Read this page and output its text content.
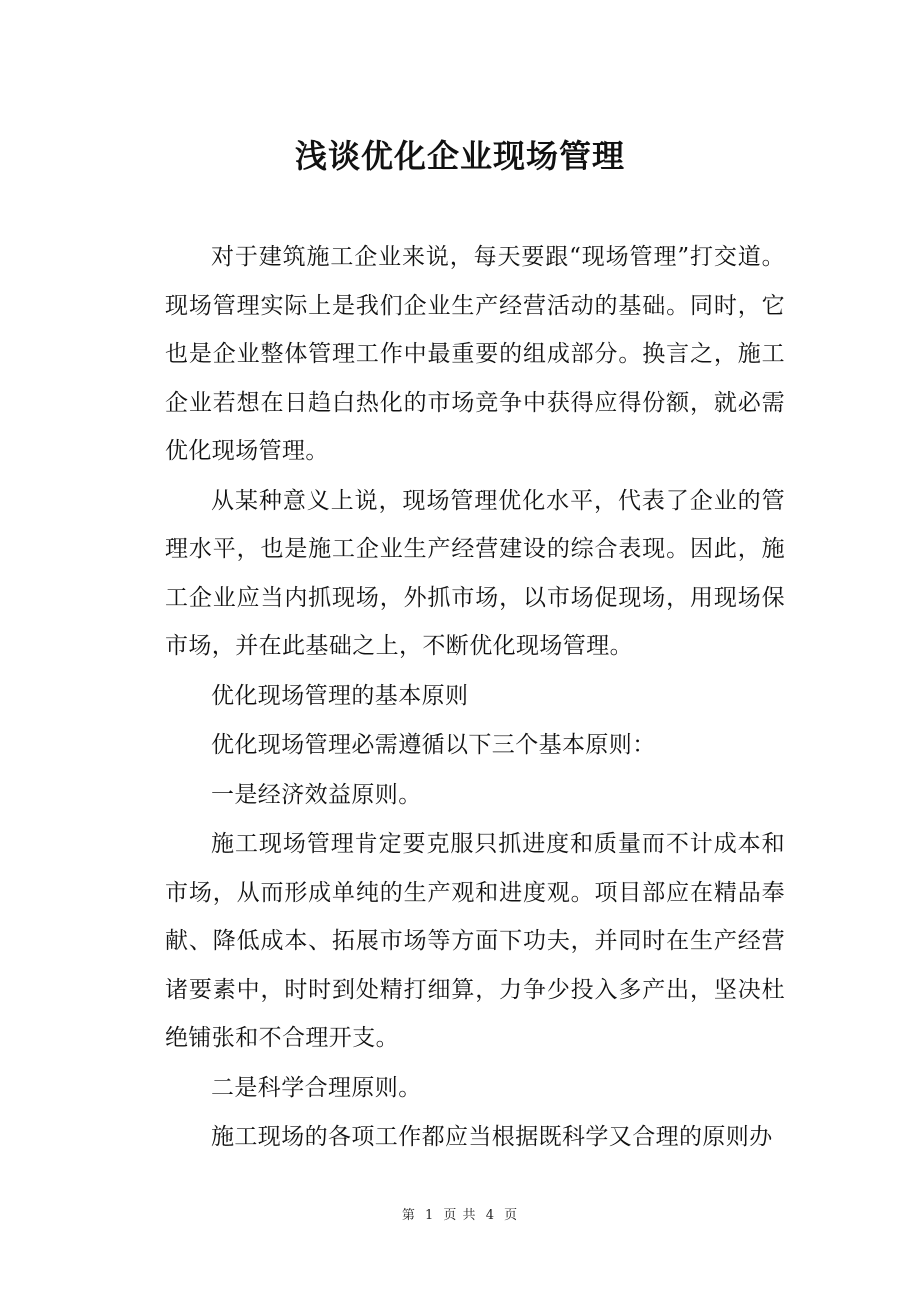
浅谈优化企业现场管理

对于建筑施工企业来说，每天要跟“现场管理”打交道。现场管理实际上是我们企业生产经营活动的基础。同时，它也是企业整体管理工作中最重要的组成部分。换言之，施工企业若想在日趋白热化的市场竞争中获得应得份额，就必需优化现场管理。

从某种意义上说，现场管理优化水平，代表了企业的管理水平，也是施工企业生产经营建设的综合表现。因此，施工企业应当内抓现场，外抓市场，以市场促现场，用现场保市场，并在此基础之上，不断优化现场管理。

优化现场管理的基本原则

优化现场管理必需遵循以下三个基本原则：

一是经济效益原则。

施工现场管理肯定要克服只抓进度和质量而不计成本和市场，从而形成单纯的生产观和进度观。项目部应在精品奉献、降低成本、拓展市场等方面下功夫，并同时在生产经营诸要素中，时时到处精打细算，力争少投入多产出，坚决杜绝铺张和不合理开支。

二是科学合理原则。

施工现场的各项工作都应当根据既科学又合理的原则办

第 1 页 共 4 页
